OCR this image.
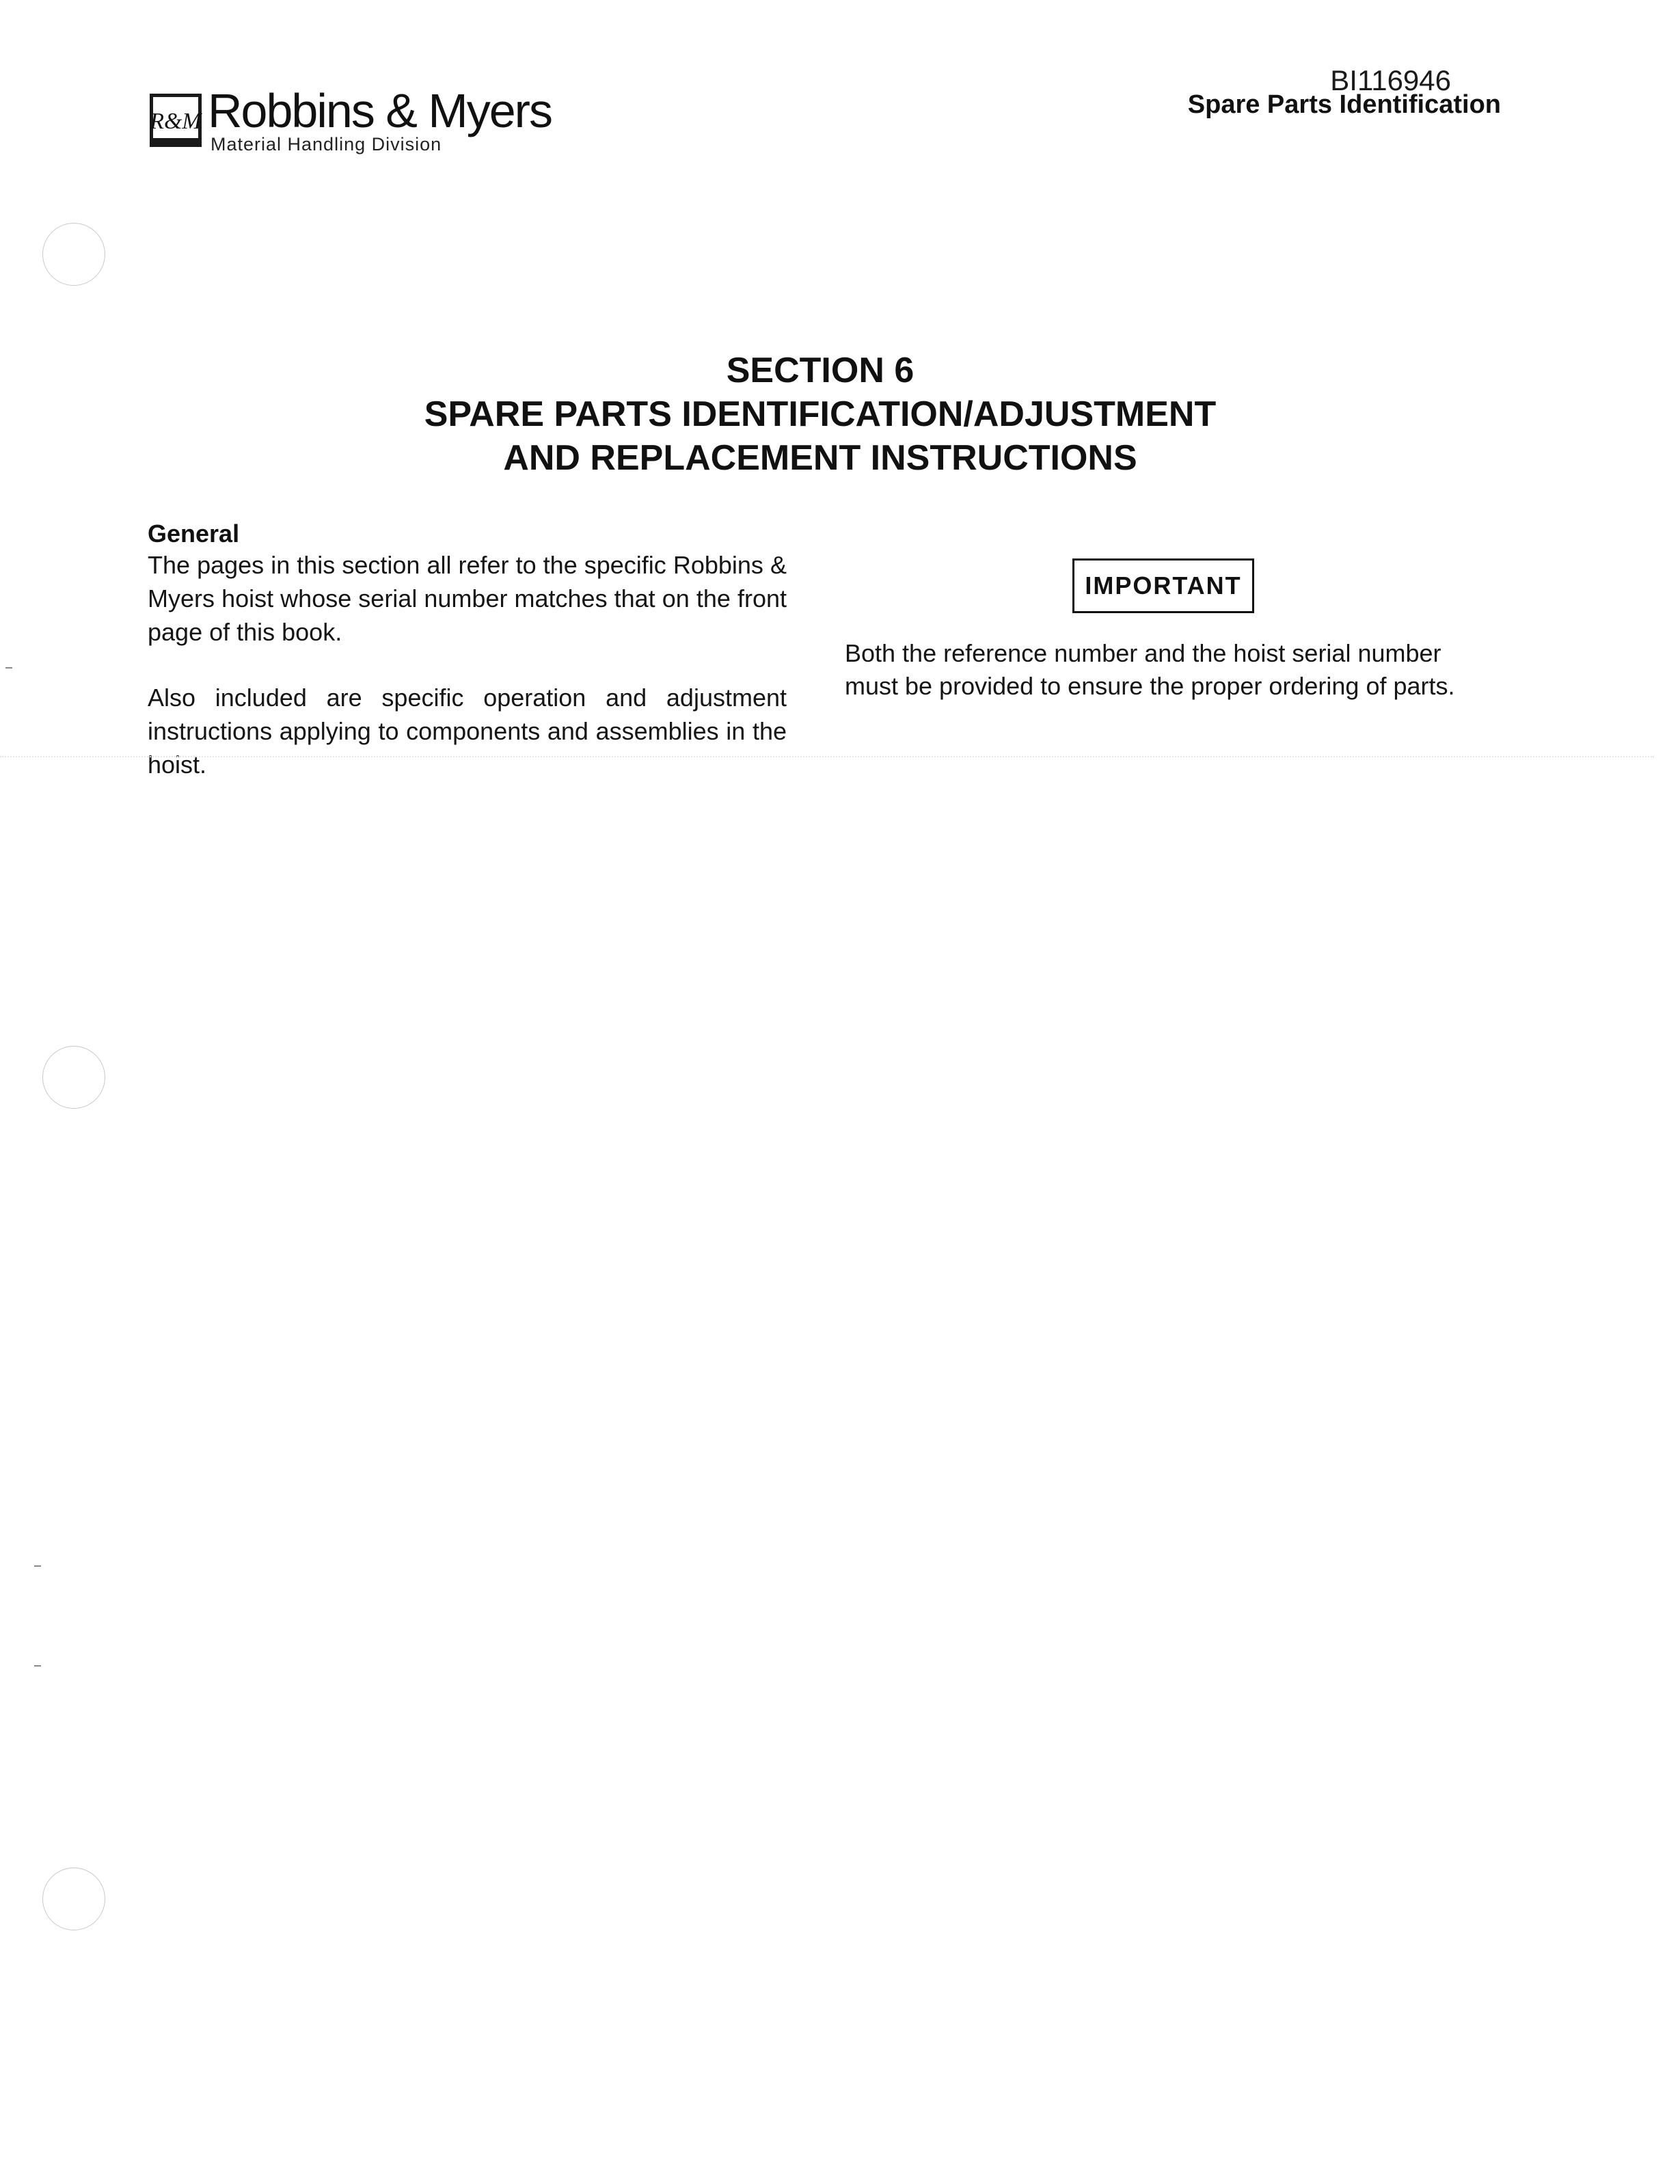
R&M Robbins & Myers
Material Handling Division
BI116946
Spare Parts Identification
SECTION 6
SPARE PARTS IDENTIFICATION/ADJUSTMENT
AND REPLACEMENT INSTRUCTIONS
General
The pages in this section all refer to the specific Robbins & Myers hoist whose serial number matches that on the front page of this book.
Also included are specific operation and adjustment instructions applying to components and assemblies in the hoist.
IMPORTANT
Both the reference number and the hoist serial number must be provided to ensure the proper ordering of parts.
